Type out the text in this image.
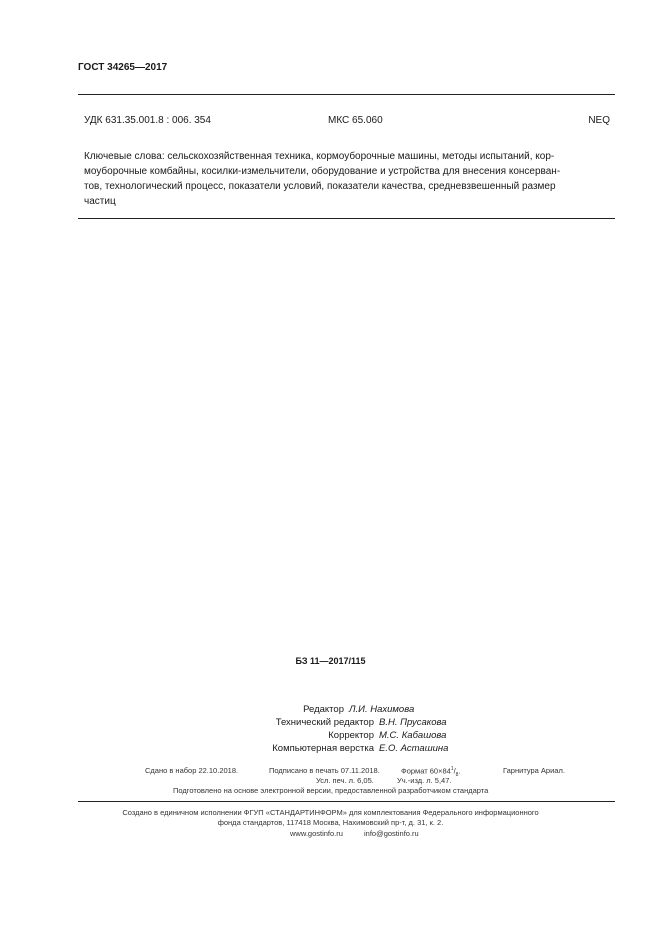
ГОСТ 34265—2017
УДК 631.35.001.8 : 006. 354	МКС 65.060	NEQ
Ключевые слова: сельскохозяйственная техника, кормоуборочные машины, методы испытаний, кор-
моуборочные комбайны, косилки-измельчители, оборудование и устройства для внесения консерван-
тов, технологический процесс, показатели условий, показатели качества, средневзвешенный размер
частиц
БЗ 11—2017/115
Редактор Л.И. Нахимова
Технический редактор В.Н. Прусакова
Корректор М.С. Кабашова
Компьютерная верстка Е.О. Асташина
Сдано в набор 22.10.2018.	Подписано в печать 07.11.2018.	Формат $60\times 84^1/_8$.	Гарнитура Ариал.
Усл. печ. л. 6,05.	Уч.-изд. л. 5,47.
Подготовлено на основе электронной версии, предоставленной разработчиком стандарта
Создано в единичном исполнении ФГУП «СТАНДАРТИНФОРМ» для комплектования Федерального информационного
фонда стандартов, 117418 Москва, Нахимовский пр-т, д. 31, к. 2.
www.gostinfo.ru	info@gostinfo.ru
